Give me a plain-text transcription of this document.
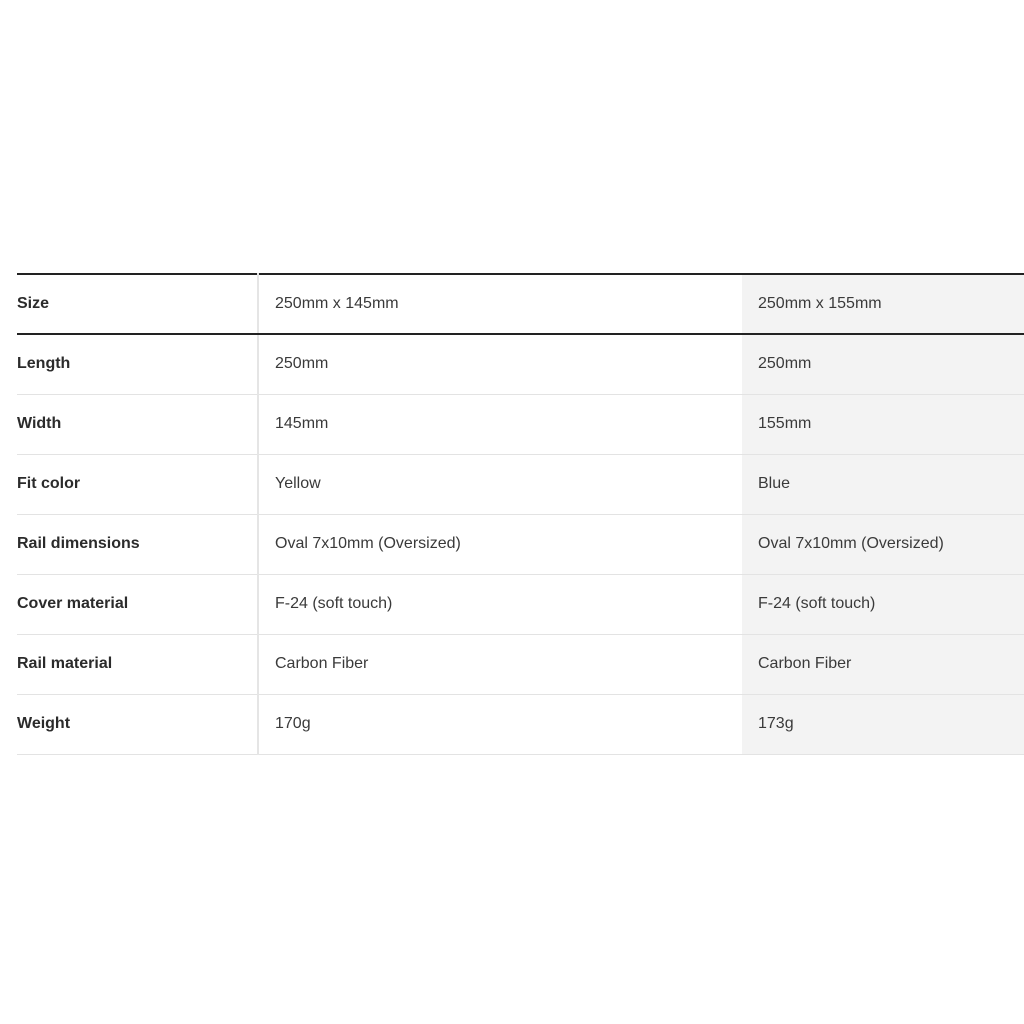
Size	250mm x 145mm	250mm x 155mm
Length	250mm	250mm
Width	145mm	155mm
Fit color	Yellow	Blue
Rail dimensions	Oval 7x10mm (Oversized)	Oval 7x10mm (Oversized)
Cover material	F-24 (soft touch)	F-24 (soft touch)
Rail material	Carbon Fiber	Carbon Fiber
Weight	170g	173g
